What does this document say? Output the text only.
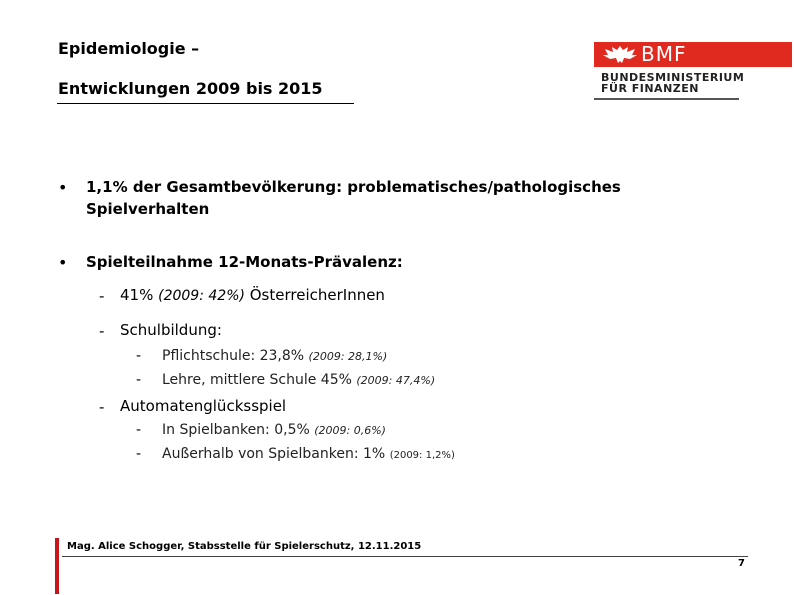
Epidemiologie –
Entwicklungen 2009 bis 2015
BMF
BUNDESMINISTERIUM
FÜR FINANZEN
• 1,1% der Gesamtbevölkerung: problematisches/pathologisches
Spielverhalten
• Spielteilnahme 12-Monats-Prävalenz:
- 41% (2009: 42%) ÖsterreicherInnen
- Schulbildung:
- Pflichtschule: 23,8% (2009: 28,1%)
- Lehre, mittlere Schule 45% (2009: 47,4%)
- Automatenglücksspiel
- In Spielbanken: 0,5% (2009: 0,6%)
- Außerhalb von Spielbanken: 1% (2009: 1,2%)
Mag. Alice Schogger, Stabsstelle für Spielerschutz, 12.11.2015
7
